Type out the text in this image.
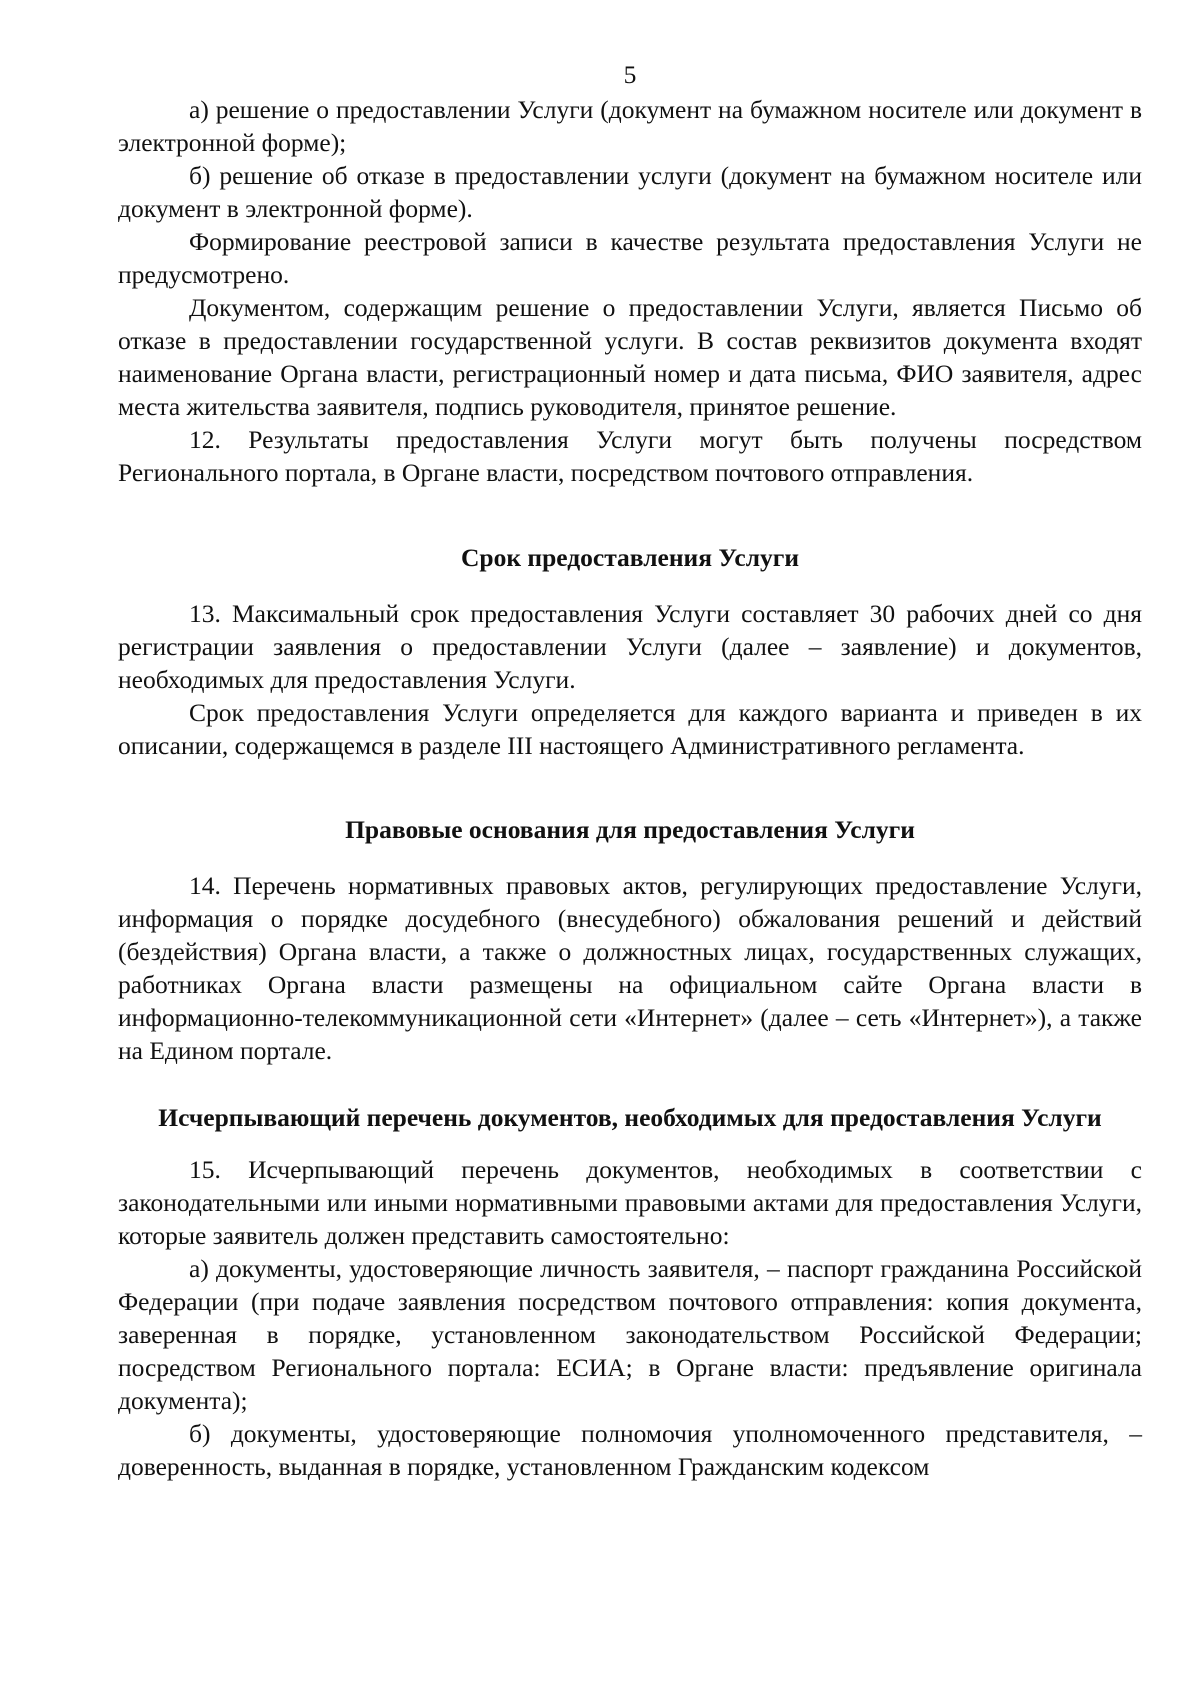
5

а) решение о предоставлении Услуги (документ на бумажном носителе или документ в электронной форме);

б) решение об отказе в предоставлении услуги (документ на бумажном носителе или документ в электронной форме).

Формирование реестровой записи в качестве результата предоставления Услуги не предусмотрено.

Документом, содержащим решение о предоставлении Услуги, является Письмо об отказе в предоставлении государственной услуги. В состав реквизитов документа входят наименование Органа власти, регистрационный номер и дата письма, ФИО заявителя, адрес места жительства заявителя, подпись руководителя, принятое решение.

12. Результаты предоставления Услуги могут быть получены посредством Регионального портала, в Органе власти, посредством почтового отправления.

Срок предоставления Услуги

13. Максимальный срок предоставления Услуги составляет 30 рабочих дней со дня регистрации заявления о предоставлении Услуги (далее – заявление) и документов, необходимых для предоставления Услуги.

Срок предоставления Услуги определяется для каждого варианта и приведен в их описании, содержащемся в разделе III настоящего Административного регламента.

Правовые основания для предоставления Услуги

14. Перечень нормативных правовых актов, регулирующих предоставление Услуги, информация о порядке досудебного (внесудебного) обжалования решений и действий (бездействия) Органа власти, а также о должностных лицах, государственных служащих, работниках Органа власти размещены на официальном сайте Органа власти в информационно-телекоммуникационной сети «Интернет» (далее – сеть «Интернет»), а также на Едином портале.

Исчерпывающий перечень документов, необходимых для предоставления Услуги

15. Исчерпывающий перечень документов, необходимых в соответствии с законодательными или иными нормативными правовыми актами для предоставления Услуги, которые заявитель должен представить самостоятельно:

а) документы, удостоверяющие личность заявителя, – паспорт гражданина Российской Федерации (при подаче заявления посредством почтового отправления: копия документа, заверенная в порядке, установленном законодательством Российской Федерации; посредством Регионального портала: ЕСИА; в Органе власти: предъявление оригинала документа);

б) документы, удостоверяющие полномочия уполномоченного представителя, – доверенность, выданная в порядке, установленном Гражданским кодексом
